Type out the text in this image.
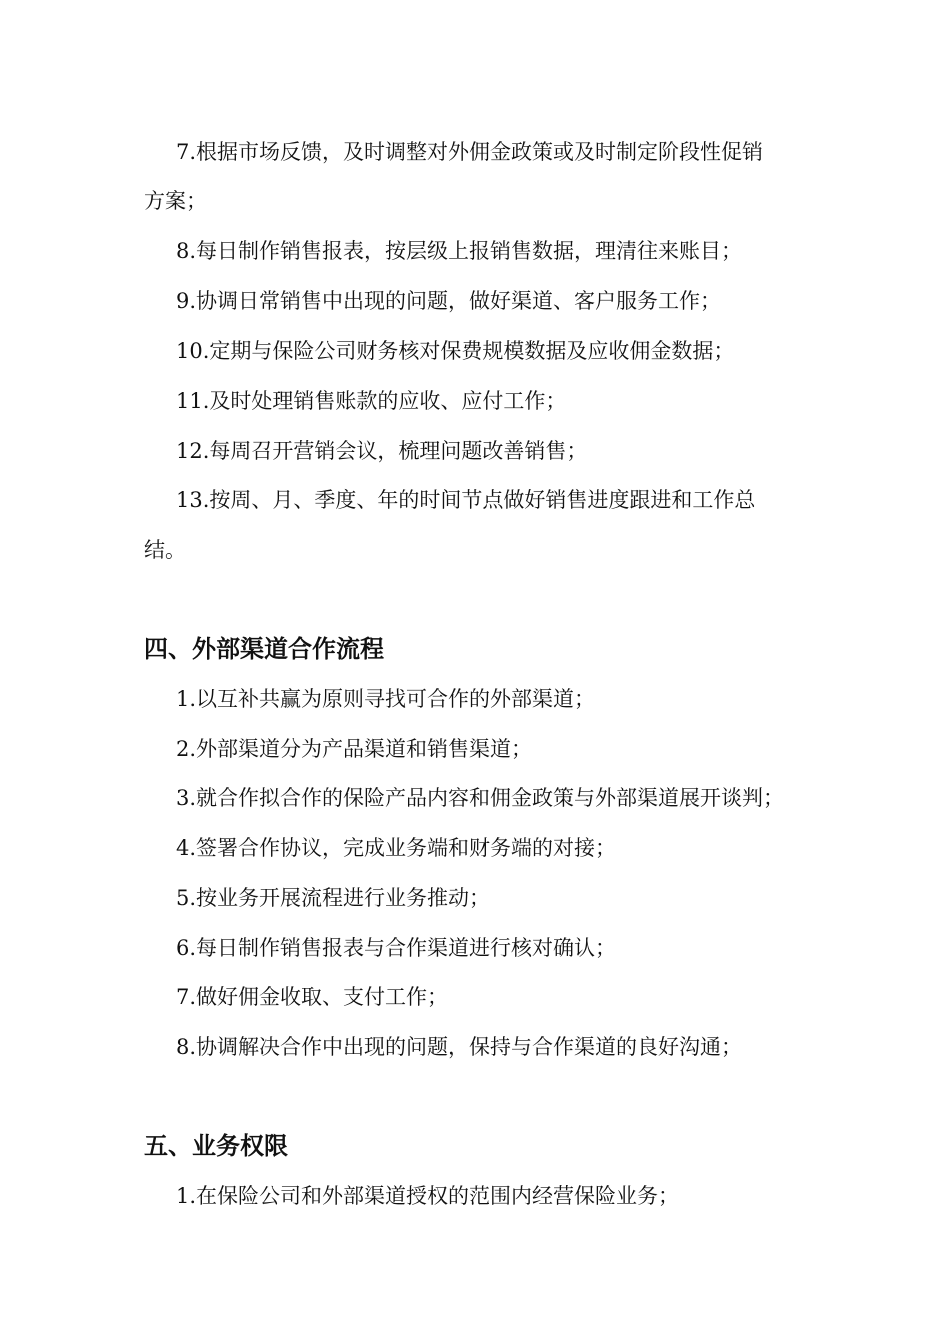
7.根据市场反馈，及时调整对外佣金政策或及时制定阶段性促销
方案；
8.每日制作销售报表，按层级上报销售数据，理清往来账目；
9.协调日常销售中出现的问题，做好渠道、客户服务工作；
10.定期与保险公司财务核对保费规模数据及应收佣金数据；
11.及时处理销售账款的应收、应付工作；
12.每周召开营销会议，梳理问题改善销售；
13.按周、月、季度、年的时间节点做好销售进度跟进和工作总
结。
四、外部渠道合作流程
1.以互补共赢为原则寻找可合作的外部渠道；
2.外部渠道分为产品渠道和销售渠道；
3.就合作拟合作的保险产品内容和佣金政策与外部渠道展开谈判；
4.签署合作协议，完成业务端和财务端的对接；
5.按业务开展流程进行业务推动；
6.每日制作销售报表与合作渠道进行核对确认；
7.做好佣金收取、支付工作；
8.协调解决合作中出现的问题，保持与合作渠道的良好沟通；
五、业务权限
1.在保险公司和外部渠道授权的范围内经营保险业务；
